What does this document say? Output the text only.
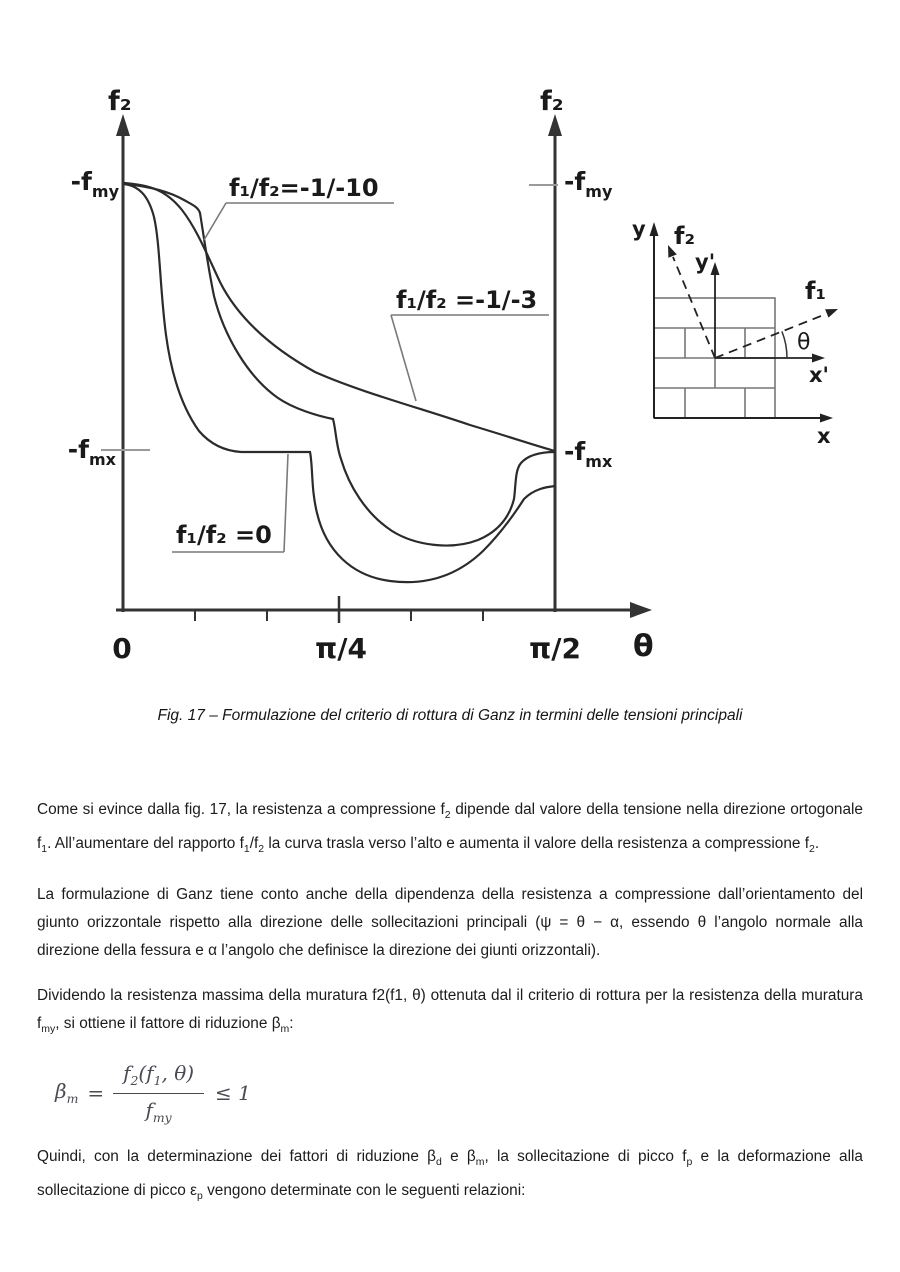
f₂	f₂
$-f_{my}$
$-f_{mx}$
$-f_{my}$
$-f_{mx}$
0	π/4	π/2 θ
f₁/f₂=-1/-10
f₁/f₂ =-1/-3
f₁/f₂ =0
y f₂
y'
f₁
θ
x'
x
Fig. 17 – Formulazione del criterio di rottura di Ganz in termini delle tensioni principali

Come si evince dalla fig. 17, la resistenza a compressione $f_2$ dipende dal valore della tensione nella direzione ortogonale $f_1$. All’aumentare del rapporto $f_1/f_2$ la curva trasla verso l’alto e aumenta il valore della resistenza a compressione $f_2$.

La formulazione di Ganz tiene conto anche della dipendenza della resistenza a compressione dall’orientamento del giunto orizzontale rispetto alla direzione delle sollecitazioni principali (ψ = θ − α, essendo θ l’angolo normale alla direzione della fessura e α l’angolo che definisce la direzione dei giunti orizzontali).

Dividendo la resistenza massima della muratura f2(f1, θ) ottenuta dal il criterio di rottura per la resistenza della muratura $f_{my}$, si ottiene il fattore di riduzione $\beta_m$:

$\beta_m = \frac{f_2(f_1, \theta)}{f_{my}} \le 1$

Quindi, con la determinazione dei fattori di riduzione $\beta_d$ e $\beta_m$, la sollecitazione di picco $f_p$ e la deformazione alla sollecitazione di picco $\varepsilon_p$ vengono determinate con le seguenti relazioni:
